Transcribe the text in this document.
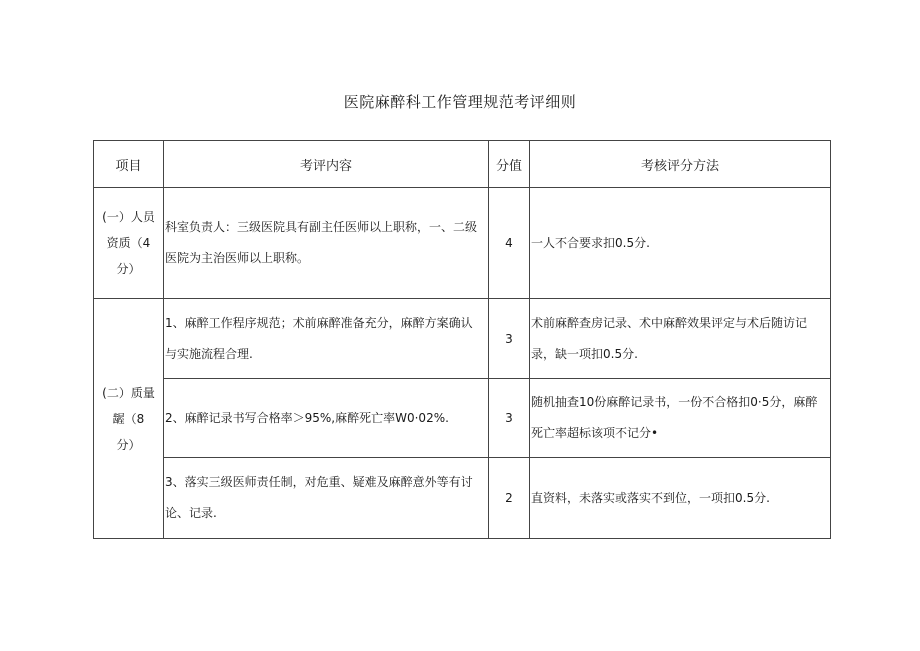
医院麻醉科工作管理规范考评细则
项目	考评内容	分值	考核评分方法

(一）人员
资质（4
分）	科室负责人：三级医院具有副主任医师以上职称，一、二级医院为主治医师以上职称。	4	一人不合要求扣0.5分.

(二）质量
龌（8
分）	1、麻醉工作程序规范；术前麻醉准备充分，麻醉方案确认与实施流程合理.	3	术前麻醉查房记录、术中麻醉效果评定与术后随访记录，缺一项扣0.5分.
	2、麻醉记录书写合格率＞95%,麻醉死亡率W0·02%.	3	随机抽查10份麻醉记录书，一份不合格扣0·5分，麻醉死亡率超标该项不记分•
	3、落实三级医师责任制，对危重、疑难及麻醉意外等有讨论、记录.	2	直资料，未落实或落实不到位，一项扣0.5分.
